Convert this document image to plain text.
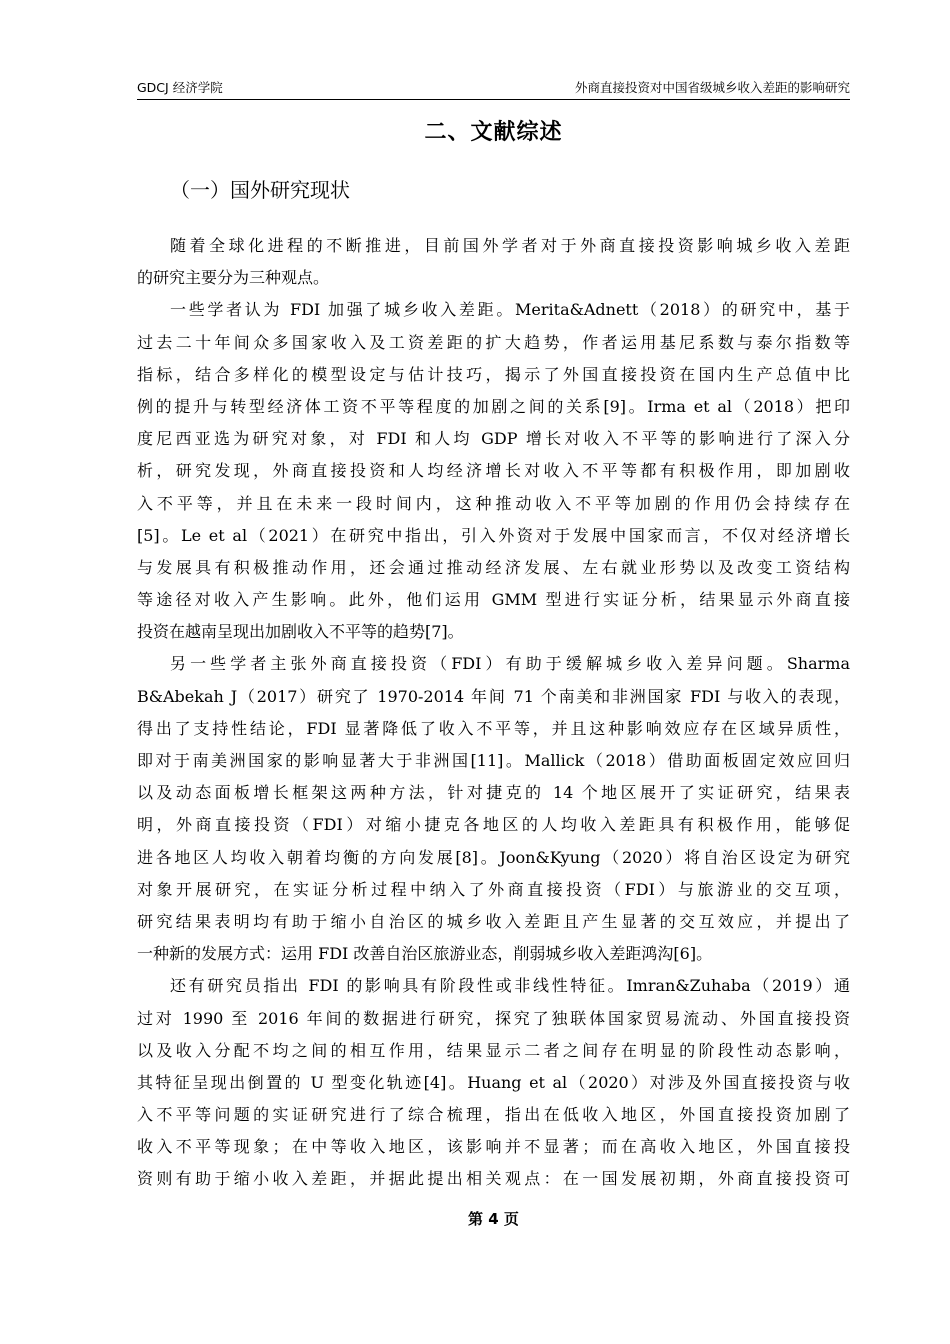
GDCJ 经济学院	外商直接投资对中国省级城乡收入差距的影响研究
二、文献综述
（一）国外研究现状
随着全球化进程的不断推进，目前国外学者对于外商直接投资影响城乡收入差距
的研究主要分为三种观点。
一些学者认为 FDI 加强了城乡收入差距。Merita&Adnett（2018）的研究中，基于
过去二十年间众多国家收入及工资差距的扩大趋势，作者运用基尼系数与泰尔指数等
指标，结合多样化的模型设定与估计技巧，揭示了外国直接投资在国内生产总值中比
例的提升与转型经济体工资不平等程度的加剧之间的关系[9]。Irma et al（2018）把印
度尼西亚选为研究对象，对 FDI 和人均 GDP 增长对收入不平等的影响进行了深入分
析，研究发现，外商直接投资和人均经济增长对收入不平等都有积极作用，即加剧收
入不平等，并且在未来一段时间内，这种推动收入不平等加剧的作用仍会持续存在
[5]。Le et al（2021）在研究中指出，引入外资对于发展中国家而言，不仅对经济增长
与发展具有积极推动作用，还会通过推动经济发展、左右就业形势以及改变工资结构
等途径对收入产生影响。此外，他们运用 GMM 型进行实证分析，结果显示外商直接
投资在越南呈现出加剧收入不平等的趋势[7]。
另一些学者主张外商直接投资（FDI）有助于缓解城乡收入差异问题。Sharma
B&Abekah J（2017）研究了 1970-2014 年间 71 个南美和非洲国家 FDI 与收入的表现，
得出了支持性结论，FDI 显著降低了收入不平等，并且这种影响效应存在区域异质性，
即对于南美洲国家的影响显著大于非洲国[11]。Mallick（2018）借助面板固定效应回归
以及动态面板增长框架这两种方法，针对捷克的 14 个地区展开了实证研究，结果表
明，外商直接投资（FDI）对缩小捷克各地区的人均收入差距具有积极作用，能够促
进各地区人均收入朝着均衡的方向发展[8]。Joon&Kyung（2020）将自治区设定为研究
对象开展研究，在实证分析过程中纳入了外商直接投资（FDI）与旅游业的交互项，
研究结果表明均有助于缩小自治区的城乡收入差距且产生显著的交互效应，并提出了
一种新的发展方式：运用 FDI 改善自治区旅游业态，削弱城乡收入差距鸿沟[6]。
还有研究员指出 FDI 的影响具有阶段性或非线性特征。Imran&Zuhaba（2019）通
过对 1990 至 2016 年间的数据进行研究，探究了独联体国家贸易流动、外国直接投资
以及收入分配不均之间的相互作用，结果显示二者之间存在明显的阶段性动态影响，
其特征呈现出倒置的 U 型变化轨迹[4]。Huang et al（2020）对涉及外国直接投资与收
入不平等问题的实证研究进行了综合梳理，指出在低收入地区，外国直接投资加剧了
收入不平等现象；在中等收入地区，该影响并不显著；而在高收入地区，外国直接投
资则有助于缩小收入差距，并据此提出相关观点：在一国发展初期，外商直接投资可
第 4 页
